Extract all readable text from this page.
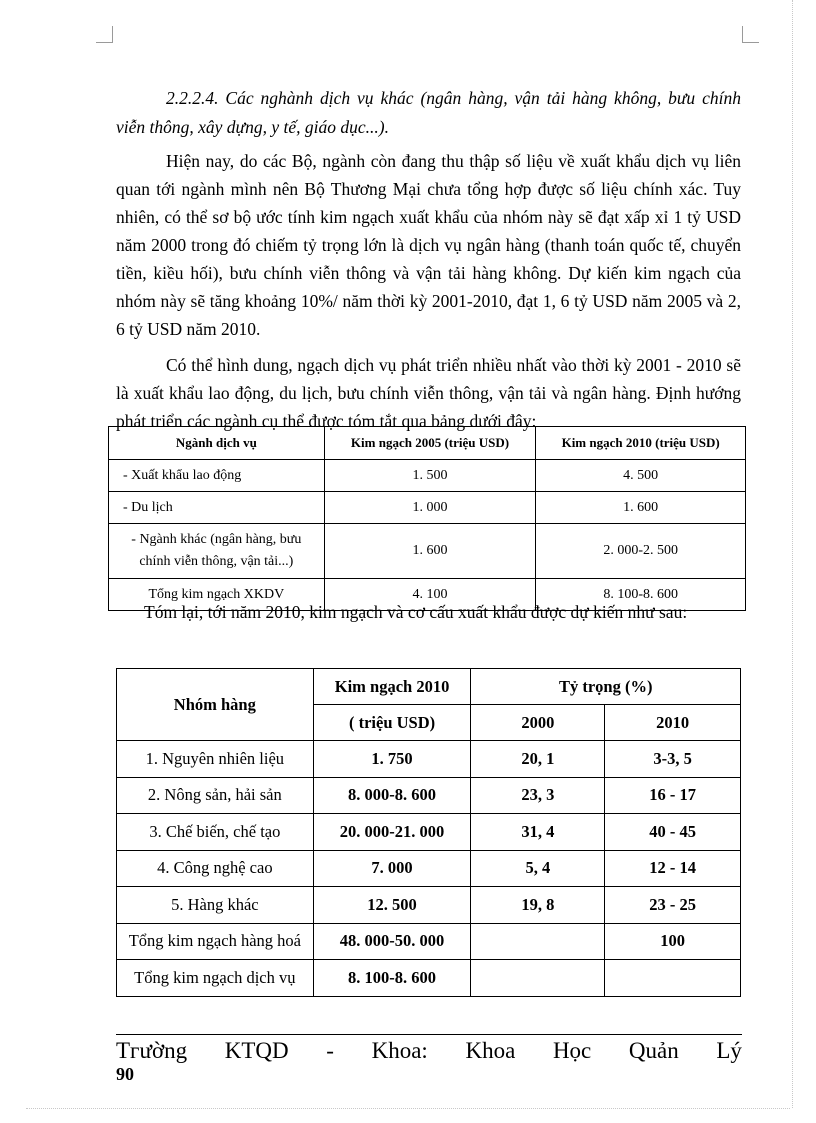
2.2.2.4. Các nghành dịch vụ khác (ngân hàng, vận tải hàng không, bưu chính viễn thông, xây dựng, y tế, giáo dục...).

Hiện nay, do các Bộ, ngành còn đang thu thập số liệu về xuất khẩu dịch vụ liên quan tới ngành mình nên Bộ Thương Mại chưa tổng hợp được số liệu chính xác. Tuy nhiên, có thể sơ bộ ước tính kim ngạch xuất khẩu của nhóm này sẽ đạt xấp xỉ 1 tỷ USD năm 2000 trong đó chiếm tỷ trọng lớn là dịch vụ ngân hàng (thanh toán quốc tế, chuyển tiền, kiều hối), bưu chính viễn thông và vận tải hàng không. Dự kiến kim ngạch của nhóm này sẽ tăng khoảng 10%/ năm thời kỳ 2001-2010, đạt 1, 6 tỷ USD năm 2005 và 2, 6 tỷ USD năm 2010.

Có thể hình dung, ngạch dịch vụ phát triển nhiều nhất vào thời kỳ 2001 - 2010 sẽ là xuất khẩu lao động, du lịch, bưu chính viễn thông, vận tải và ngân hàng. Định hướng phát triển các ngành cụ thể được tóm tắt qua bảng dưới đây:

Ngành dịch vụ	Kim ngạch 2005 (triệu USD)	Kim ngạch 2010 (triệu USD)
- Xuất khẩu lao động	1. 500	4. 500
- Du lịch	1. 000	1. 600
- Ngành khác (ngân hàng, bưu chính viễn thông, vận tải...)	1. 600	2. 000-2. 500
Tổng kim ngạch XKDV	4. 100	8. 100-8. 600

Tóm lại, tới năm 2010, kim ngạch và cơ cấu xuất khẩu được dự kiến như sau:

Nhóm hàng	Kim ngạch 2010	Tỷ trọng (%)	
	( triệu USD)	2000	2010
1. Nguyên nhiên liệu	1. 750	20, 1	3-3, 5
2. Nông sản, hải sản	8. 000-8. 600	23, 3	16 - 17
3. Chế biến, chế tạo	20. 000-21. 000	31, 4	40 - 45
4. Công nghệ cao	7. 000	5, 4	12 - 14
5. Hàng khác	12. 500	19, 8	23 - 25
Tổng kim ngạch hàng hoá	48. 000-50. 000		100
Tổng kim ngạch dịch vụ	8. 100-8. 600		
Tгường KTQD - Khoa: Khoa Học Quản Lý
90
